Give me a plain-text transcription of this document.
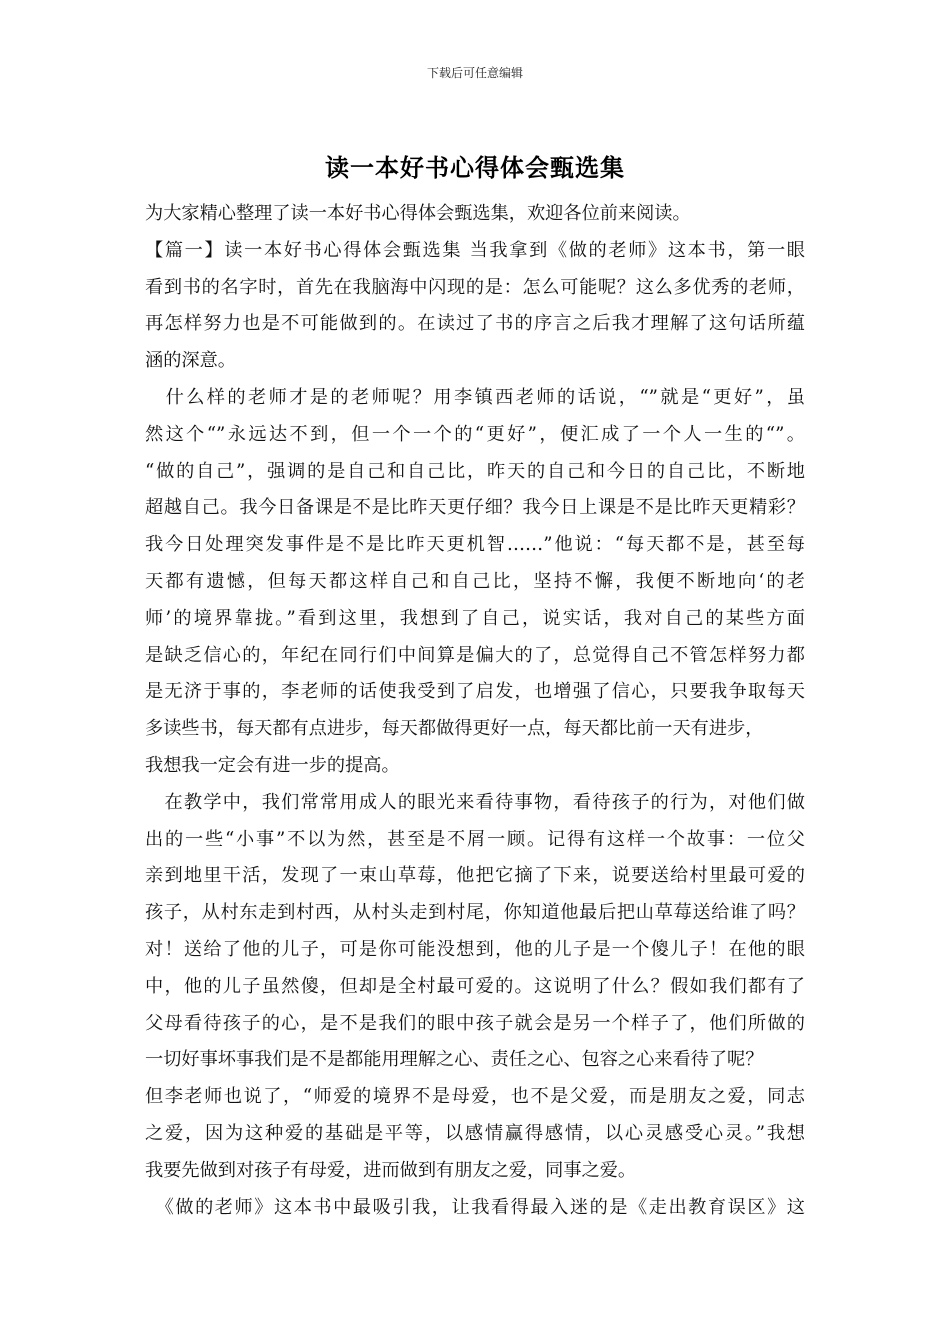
下载后可任意编辑
读一本好书心得体会甄选集
为大家精心整理了读一本好书心得体会甄选集，欢迎各位前来阅读。
【篇一】读一本好书心得体会甄选集 当我拿到《做的老师》这本书，第一眼
看到书的名字时，首先在我脑海中闪现的是：怎么可能呢？这么多优秀的老师，
再怎样努力也是不可能做到的。在读过了书的序言之后我才理解了这句话所蕴
涵的深意。
　什么样的老师才是的老师呢？用李镇西老师的话说，“”就是“更好”，虽
然这个“”永远达不到，但一个一个的“更好”，便汇成了一个人一生的“”。
“做的自己”，强调的是自己和自己比，昨天的自己和今日的自己比，不断地
超越自己。我今日备课是不是比昨天更仔细？我今日上课是不是比昨天更精彩？
我今日处理突发事件是不是比昨天更机智……”他说：“每天都不是，甚至每
天都有遗憾，但每天都这样自己和自己比，坚持不懈，我便不断地向‘的老
师’的境界靠拢。”看到这里，我想到了自己，说实话，我对自己的某些方面
是缺乏信心的，年纪在同行们中间算是偏大的了，总觉得自己不管怎样努力都
是无济于事的，李老师的话使我受到了启发，也增强了信心，只要我争取每天
多读些书，每天都有点进步，每天都做得更好一点，每天都比前一天有进步，
我想我一定会有进一步的提高。
　在教学中，我们常常用成人的眼光来看待事物，看待孩子的行为，对他们做
出的一些“小事”不以为然，甚至是不屑一顾。记得有这样一个故事：一位父
亲到地里干活，发现了一束山草莓，他把它摘了下来，说要送给村里最可爱的
孩子，从村东走到村西，从村头走到村尾，你知道他最后把山草莓送给谁了吗？
对！送给了他的儿子，可是你可能没想到，他的儿子是一个傻儿子！在他的眼
中，他的儿子虽然傻，但却是全村最可爱的。这说明了什么？假如我们都有了
父母看待孩子的心，是不是我们的眼中孩子就会是另一个样子了，他们所做的
一切好事坏事我们是不是都能用理解之心、责任之心、包容之心来看待了呢？
但李老师也说了，“师爱的境界不是母爱，也不是父爱，而是朋友之爱，同志
之爱，因为这种爱的基础是平等，以感情赢得感情，以心灵感受心灵。”我想
我要先做到对孩子有母爱，进而做到有朋友之爱，同事之爱。
　《做的老师》这本书中最吸引我，让我看得最入迷的是《走出教育误区》这
